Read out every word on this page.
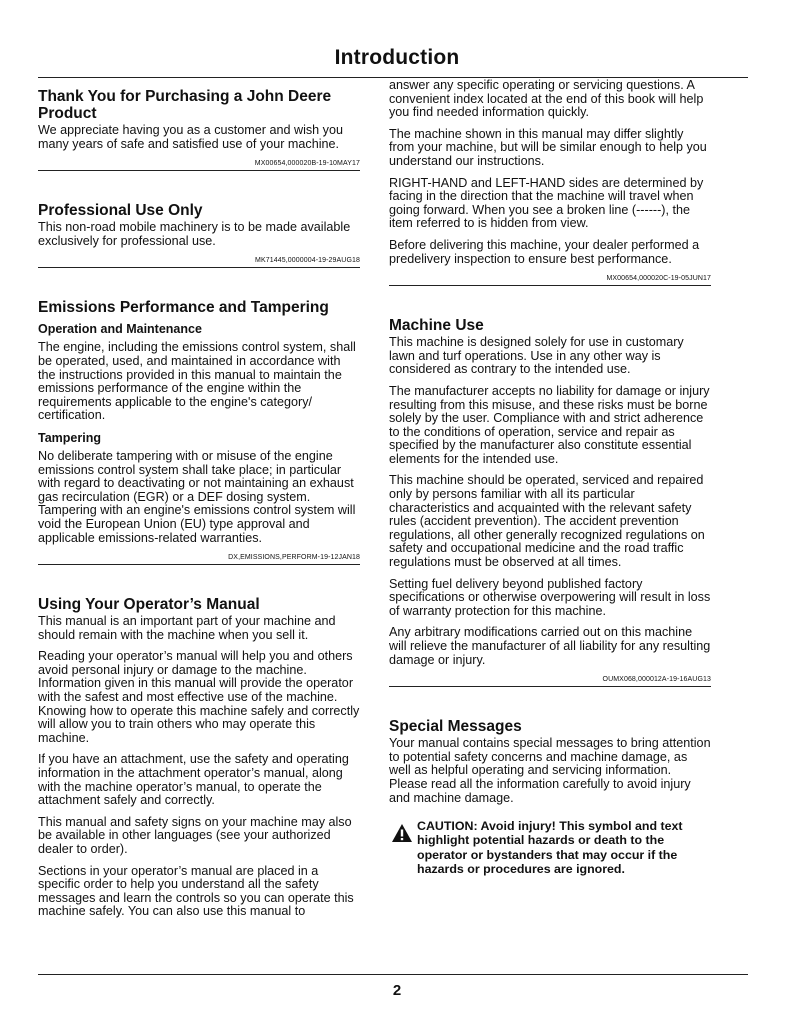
Introduction
Thank You for Purchasing a John Deere Product

We appreciate having you as a customer and wish you many years of safe and satisfied use of your machine.

MX00654,000020B-19-10MAY17
Professional Use Only

This non-road mobile machinery is to be made available exclusively for professional use.

MK71445,0000004-19-29AUG18
Emissions Performance and Tampering
Operation and Maintenance

The engine, including the emissions control system, shall be operated, used, and maintained in accordance with the instructions provided in this manual to maintain the emissions performance of the engine within the requirements applicable to the engine's category/ certification.

Tampering

No deliberate tampering with or misuse of the engine emissions control system shall take place; in particular with regard to deactivating or not maintaining an exhaust gas recirculation (EGR) or a DEF dosing system. Tampering with an engine's emissions control system will void the European Union (EU) type approval and applicable emissions-related warranties.

DX,EMISSIONS,PERFORM-19-12JAN18
Using Your Operator’s Manual

This manual is an important part of your machine and should remain with the machine when you sell it.

Reading your operator’s manual will help you and others avoid personal injury or damage to the machine. Information given in this manual will provide the operator with the safest and most effective use of the machine. Knowing how to operate this machine safely and correctly will allow you to train others who may operate this machine.

If you have an attachment, use the safety and operating information in the attachment operator’s manual, along with the machine operator’s manual, to operate the attachment safely and correctly.

This manual and safety signs on your machine may also be available in other languages (see your authorized dealer to order).

Sections in your operator’s manual are placed in a specific order to help you understand all the safety messages and learn the controls so you can operate this machine safely. You can also use this manual to

answer any specific operating or servicing questions. A convenient index located at the end of this book will help you find needed information quickly.

The machine shown in this manual may differ slightly from your machine, but will be similar enough to help you understand our instructions.

RIGHT-HAND and LEFT-HAND sides are determined by facing in the direction that the machine will travel when going forward. When you see a broken line (------), the item referred to is hidden from view.

Before delivering this machine, your dealer performed a predelivery inspection to ensure best performance.

MX00654,000020C-19-05JUN17
Machine Use

This machine is designed solely for use in customary lawn and turf operations. Use in any other way is considered as contrary to the intended use.

The manufacturer accepts no liability for damage or injury resulting from this misuse, and these risks must be borne solely by the user. Compliance with and strict adherence to the conditions of operation, service and repair as specified by the manufacturer also constitute essential elements for the intended use.

This machine should be operated, serviced and repaired only by persons familiar with all its particular characteristics and acquainted with the relevant safety rules (accident prevention). The accident prevention regulations, all other generally recognized regulations on safety and occupational medicine and the road traffic regulations must be observed at all times.

Setting fuel delivery beyond published factory specifications or otherwise overpowering will result in loss of warranty protection for this machine.

Any arbitrary modifications carried out on this machine will relieve the manufacturer of all liability for any resulting damage or injury.

OUMX068,000012A-19-16AUG13
Special Messages

Your manual contains special messages to bring attention to potential safety concerns and machine damage, as well as helpful operating and servicing information. Please read all the information carefully to avoid injury and machine damage.

CAUTION: Avoid injury! This symbol and text highlight potential hazards or death to the operator or bystanders that may occur if the hazards or procedures are ignored.
2
